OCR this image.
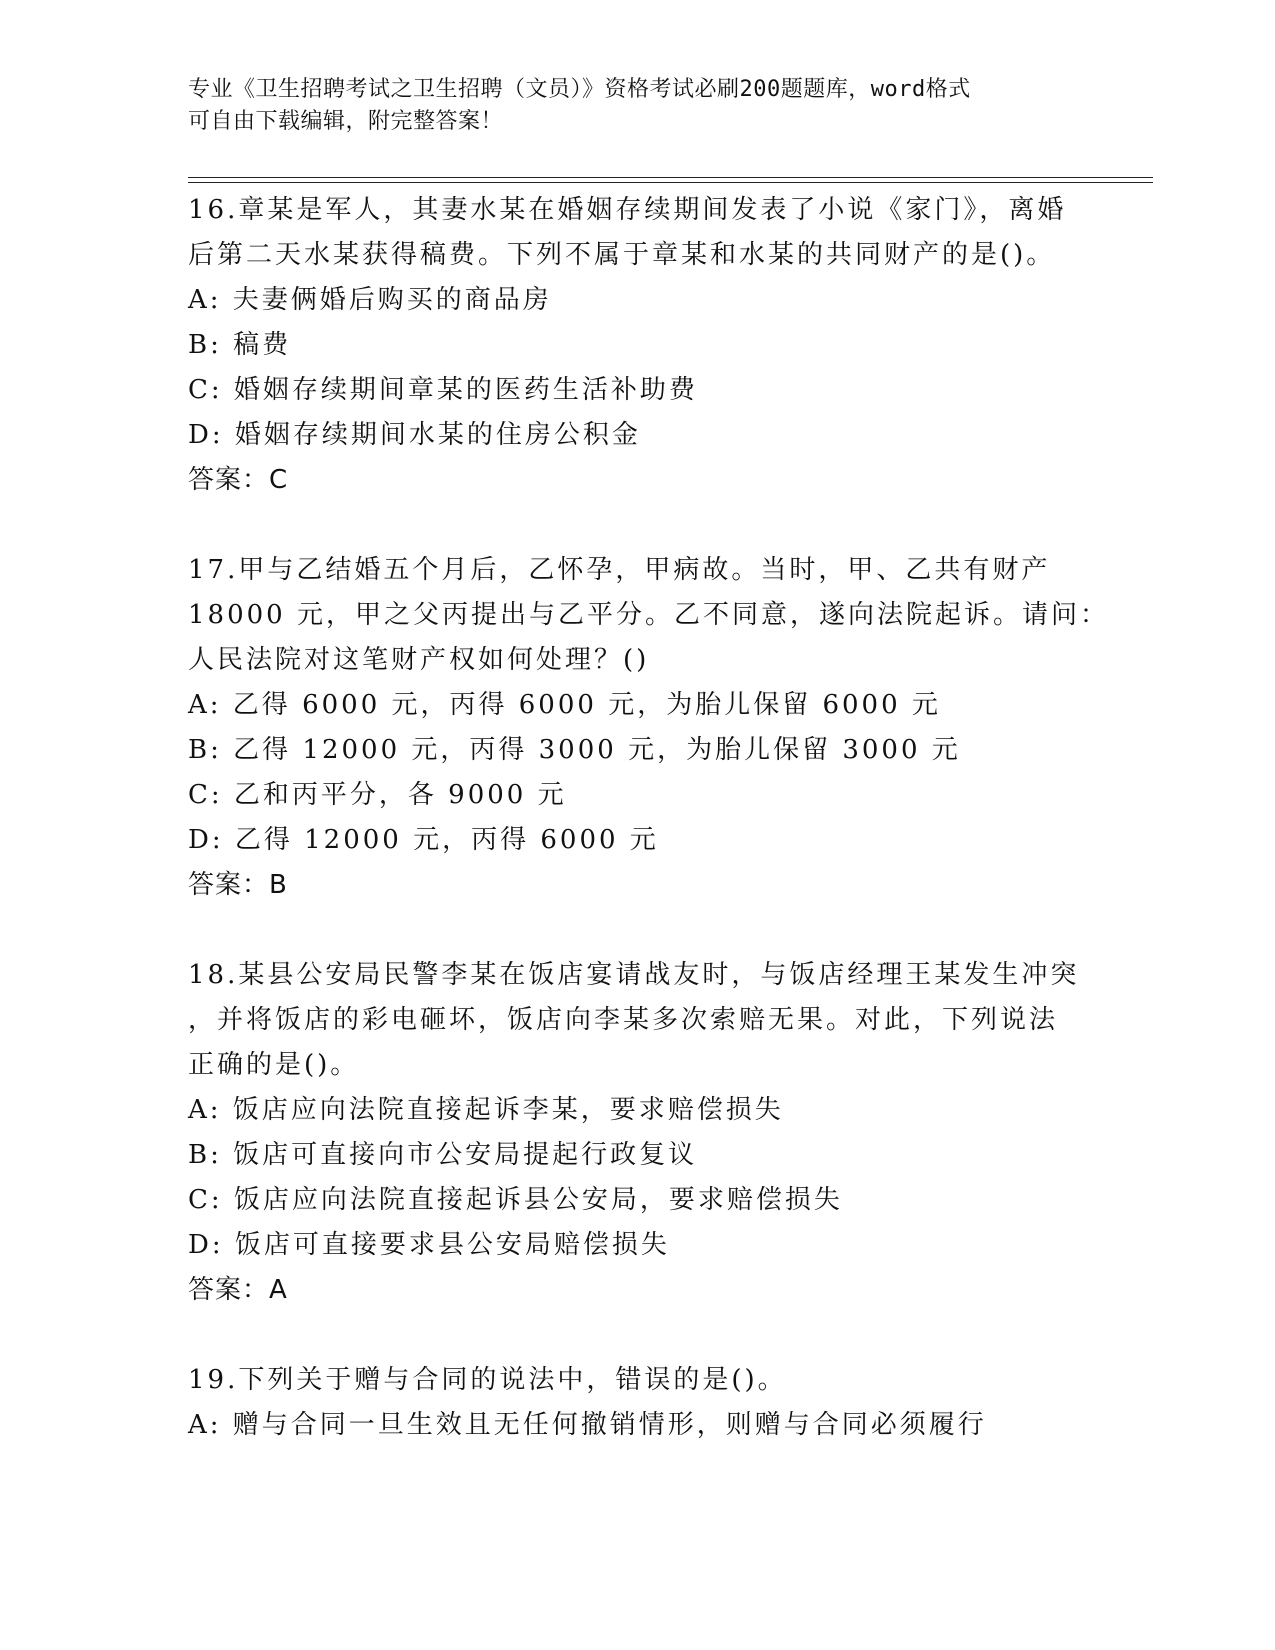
专业《卫生招聘考试之卫生招聘（文员）》资格考试必刷200题题库，word格式
可自由下载编辑，附完整答案！
16.章某是军人，其妻水某在婚姻存续期间发表了小说《家门》，离婚
后第二天水某获得稿费。下列不属于章某和水某的共同财产的是()。
A: 夫妻俩婚后购买的商品房
B: 稿费
C: 婚姻存续期间章某的医药生活补助费
D: 婚姻存续期间水某的住房公积金
答案：C
17.甲与乙结婚五个月后，乙怀孕，甲病故。当时，甲、乙共有财产
18000 元，甲之父丙提出与乙平分。乙不同意，遂向法院起诉。请问：
人民法院对这笔财产权如何处理？()
A: 乙得 6000 元，丙得 6000 元，为胎儿保留 6000 元
B: 乙得 12000 元，丙得 3000 元，为胎儿保留 3000 元
C: 乙和丙平分，各 9000 元
D: 乙得 12000 元，丙得 6000 元
答案：B
18.某县公安局民警李某在饭店宴请战友时，与饭店经理王某发生冲突
，并将饭店的彩电砸坏，饭店向李某多次索赔无果。对此，下列说法
正确的是()。
A: 饭店应向法院直接起诉李某，要求赔偿损失
B: 饭店可直接向市公安局提起行政复议
C: 饭店应向法院直接起诉县公安局，要求赔偿损失
D: 饭店可直接要求县公安局赔偿损失
答案：A
19.下列关于赠与合同的说法中，错误的是()。
A: 赠与合同一旦生效且无任何撤销情形，则赠与合同必须履行
